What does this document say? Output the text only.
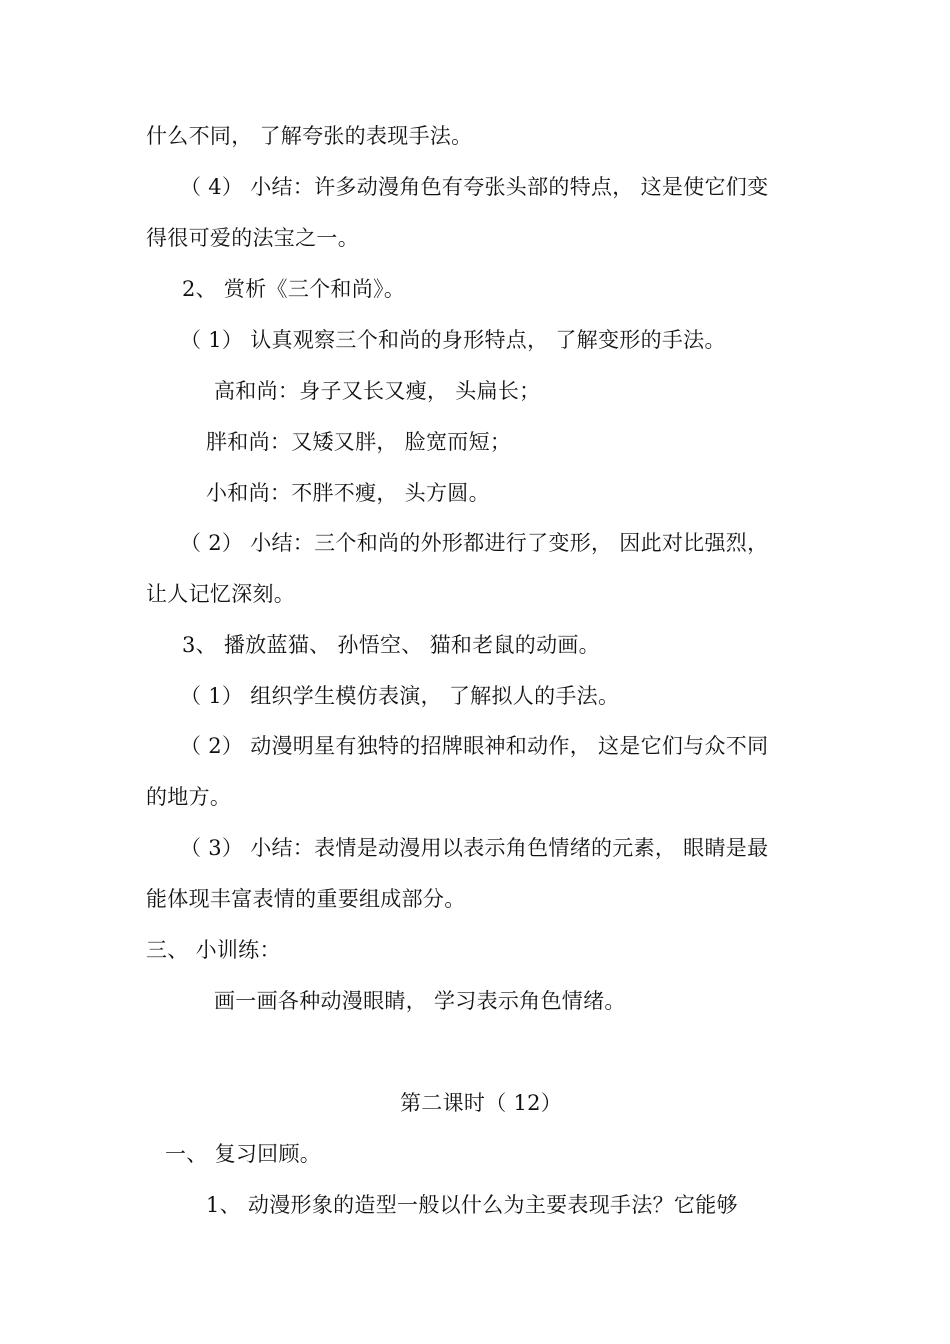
什么不同， 了解夸张的表现手法。
（ 4） 小结：许多动漫角色有夸张头部的特点， 这是使它们变
得很可爱的法宝之一。
2、 赏析《三个和尚》。
（ 1） 认真观察三个和尚的身形特点， 了解变形的手法。
高和尚：身子又长又瘦， 头扁长；
胖和尚：又矮又胖， 脸宽而短；
小和尚：不胖不瘦， 头方圆。
（ 2） 小结：三个和尚的外形都进行了变形， 因此对比强烈，
让人记忆深刻。
3、 播放蓝猫、 孙悟空、 猫和老鼠的动画。
（ 1） 组织学生模仿表演， 了解拟人的手法。
（ 2） 动漫明星有独特的招牌眼神和动作， 这是它们与众不同
的地方。
（ 3） 小结：表情是动漫用以表示角色情绪的元素， 眼睛是最
能体现丰富表情的重要组成部分。
三、 小训练：
画一画各种动漫眼睛， 学习表示角色情绪。
第二课时（ 12）
一、 复习回顾。
1、 动漫形象的造型一般以什么为主要表现手法？它能够
